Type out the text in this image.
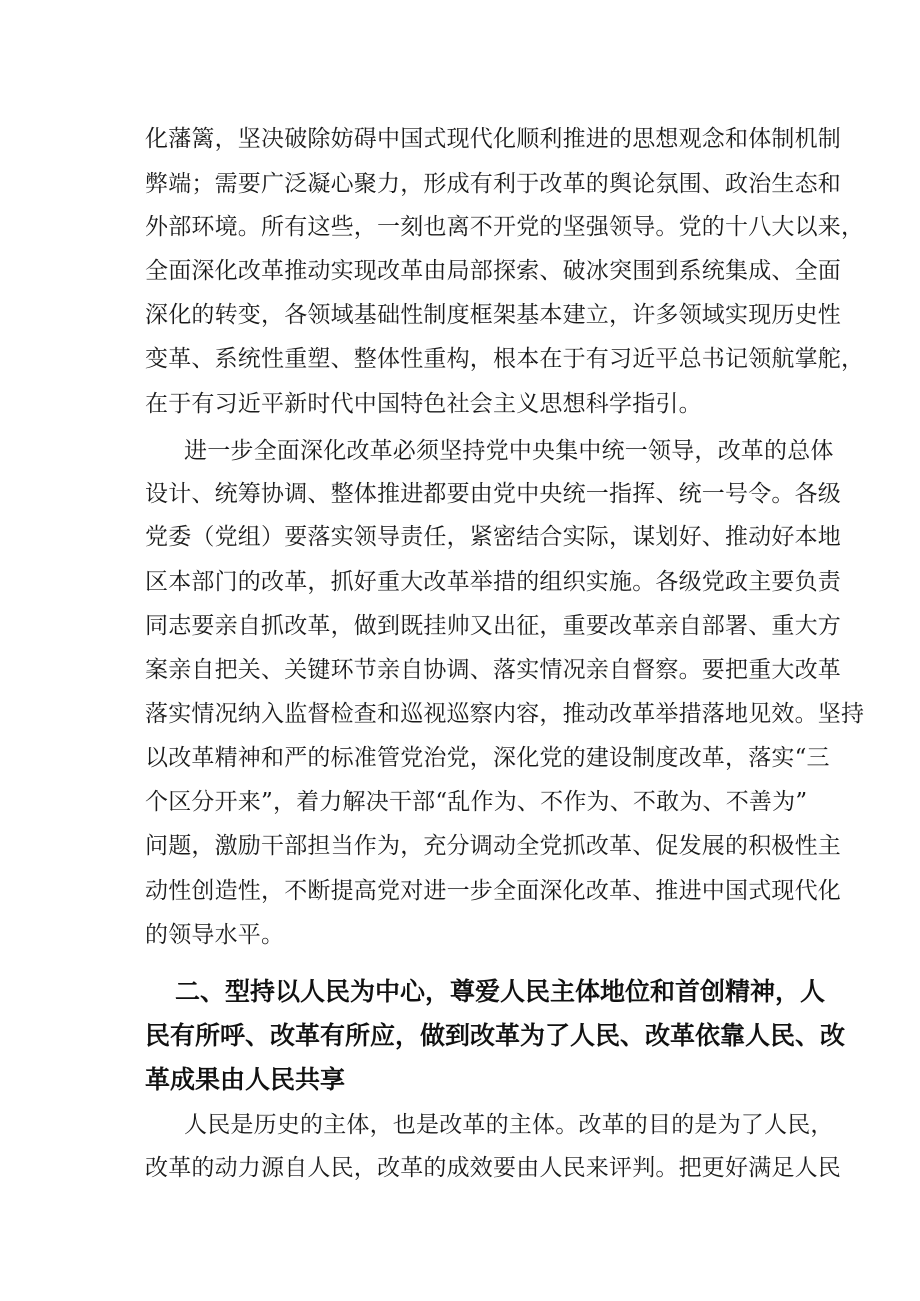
化藩篱，坚决破除妨碍中国式现代化顺利推进的思想观念和体制机制
弊端；需要广泛凝心聚力，形成有利于改革的舆论氛围、政治生态和
外部环境。所有这些，一刻也离不开党的坚强领导。党的十八大以来，
全面深化改革推动实现改革由局部探索、破冰突围到系统集成、全面
深化的转变，各领域基础性制度框架基本建立，许多领域实现历史性
变革、系统性重塑、整体性重构，根本在于有习近平总书记领航掌舵，
在于有习近平新时代中国特色社会主义思想科学指引。
进一步全面深化改革必须坚持党中央集中统一领导，改革的总体
设计、统筹协调、整体推进都要由党中央统一指挥、统一号令。各级
党委（党组）要落实领导责任，紧密结合实际，谋划好、推动好本地
区本部门的改革，抓好重大改革举措的组织实施。各级党政主要负责
同志要亲自抓改革，做到既挂帅又出征，重要改革亲自部署、重大方
案亲自把关、关键环节亲自协调、落实情况亲自督察。要把重大改革
落实情况纳入监督检查和巡视巡察内容，推动改革举措落地见效。坚持
以改革精神和严的标准管党治党，深化党的建设制度改革，落实“三
个区分开来”，着力解决干部“乱作为、不作为、不敢为、不善为”
问题，激励干部担当作为，充分调动全党抓改革、促发展的积极性主
动性创造性，不断提高党对进一步全面深化改革、推进中国式现代化
的领导水平。
二、型持以人民为中心，尊爱人民主体地位和首创精神，人
民有所呼、改革有所应，做到改革为了人民、改革依靠人民、改
革成果由人民共享
人民是历史的主体，也是改革的主体。改革的目的是为了人民，
改革的动力源自人民，改革的成效要由人民来评判。把更好满足人民
